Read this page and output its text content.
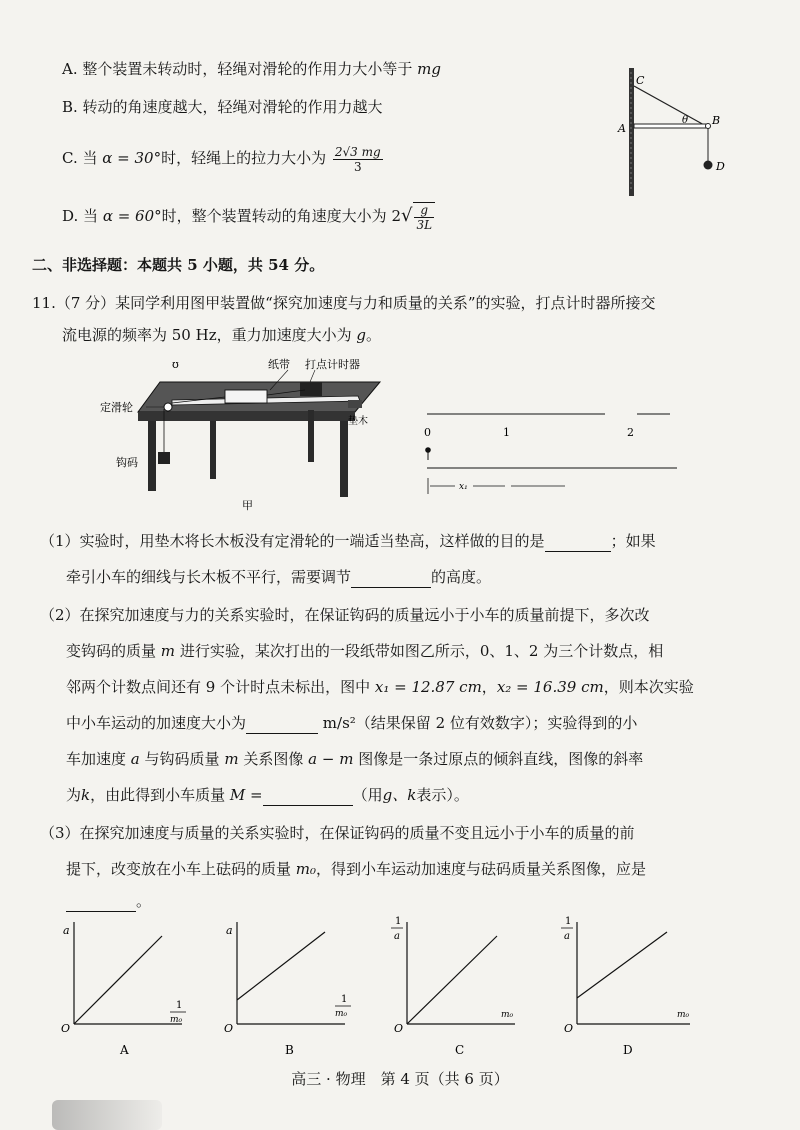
A. 整个装置未转动时，轻绳对滑轮的作用力大小等于 mg
B. 转动的角速度越大，轻绳对滑轮的作用力越大
C. 当 α = 30°时，轻绳上的拉力大小为 $\frac{2√3 mg}{3}$
D. 当 α = 60°时，整个装置转动的角速度大小为 $2√ \frac{g}{3L}$
C
A
B
θ
D
二、非选择题：本题共 5 小题，共 54 分。
11.（7 分）某同学利用图甲装置做“探究加速度与力和质量的关系”的实验，打点计时器所接交
流电源的频率为 50 Hz，重力加速度大小为 g。
ʊ	纸带 打点计时器
定滑轮
垫木
钩码
甲
0	1	2
x₁
（1）实验时，用垫木将长木板没有定滑轮的一端适当垫高，这样做的目的是	；如果
牵引小车的细线与长木板不平行，需要调节	的高度。
（2）在探究加速度与力的关系实验时，在保证钩码的质量远小于小车的质量前提下，多次改
变钩码的质量 m 进行实验，某次打出的一段纸带如图乙所示，0、1、2 为三个计数点，相
邻两个计数点间还有 9 个计时点未标出，图中 x₁ = 12.87 cm，x₂ = 16.39 cm，则本次实验
中小车运动的加速度大小为	m/s²（结果保留 2 位有效数字）；实验得到的小
车加速度 a 与钩码质量 m 关系图像 a − m 图像是一条过原点的倾斜直线，图像的斜率
为k，由此得到小车质量 M =	（用g、k表示）。
（3）在探究加速度与质量的关系实验时，在保证钩码的质量不变且远小于小车的质量的前
提下，改变放在小车上砝码的质量 m₀，得到小车运动加速度与砝码质量关系图像，应是
。
a
1
m₀
O
A
a
1
m₀
O
B
1
a
m₀
O
C
1
a
m₀
O
D
高三 · 物理　第 4 页（共 6 页）
